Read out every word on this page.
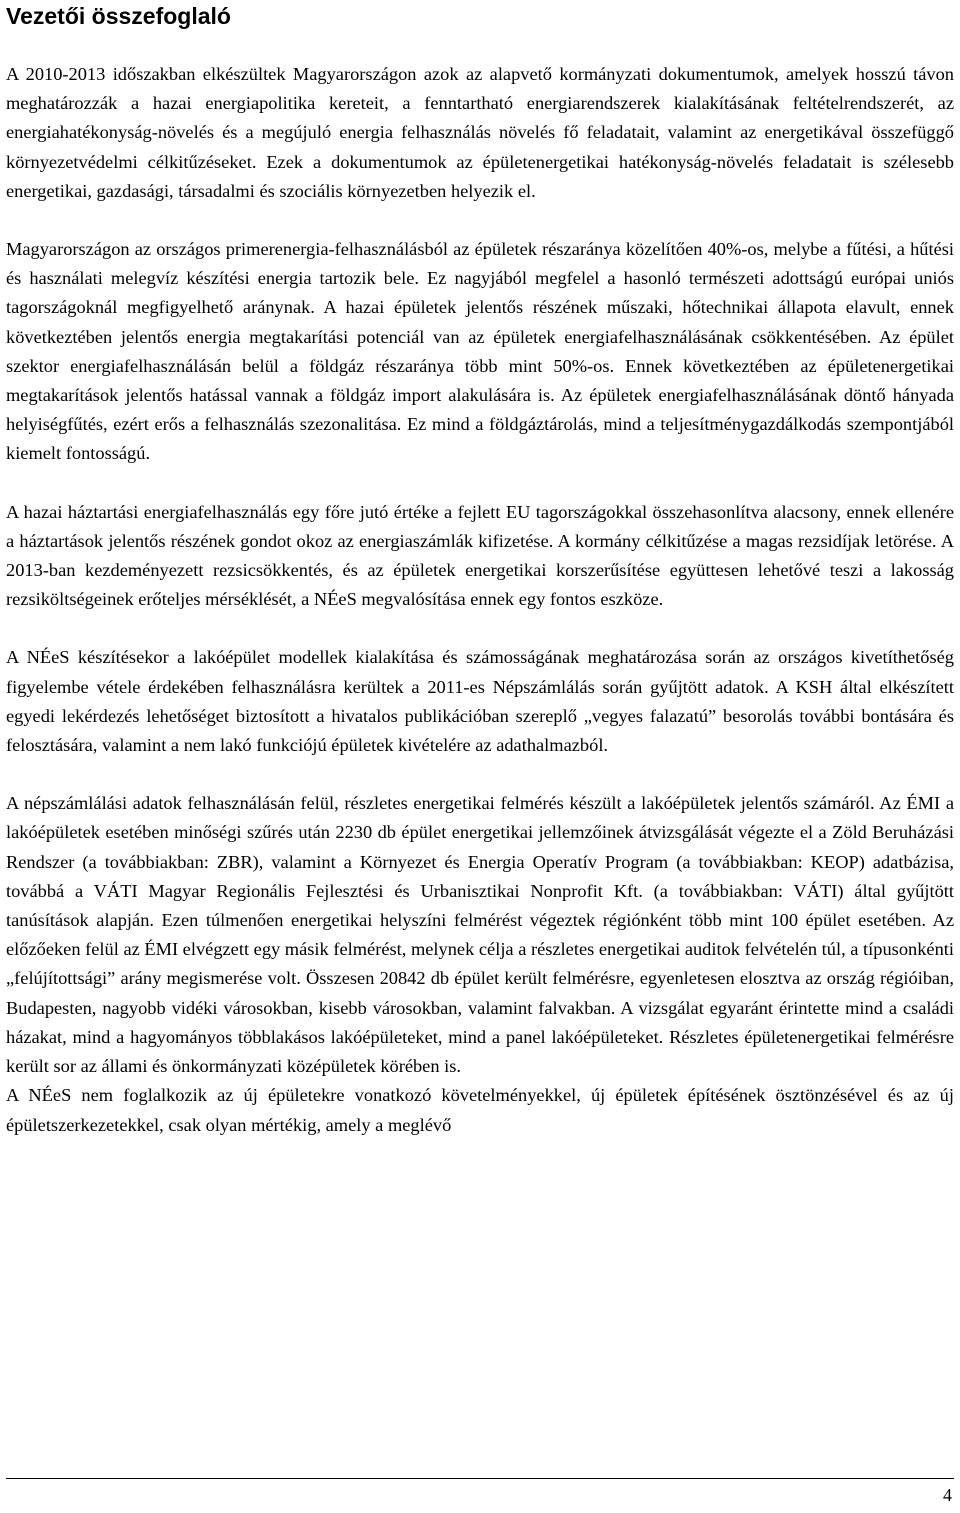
Vezetői összefoglaló

A 2010-2013 időszakban elkészültek Magyarországon azok az alapvető kormányzati dokumentumok, amelyek hosszú távon meghatározzák a hazai energiapolitika kereteit, a fenntartható energiarendszerek kialakításának feltételrendszerét, az energiahatékonyság-növelés és a megújuló energia felhasználás növelés fő feladatait, valamint az energetikával összefüggő környezetvédelmi célkitűzéseket. Ezek a dokumentumok az épületenergetikai hatékonyság-növelés feladatait is szélesebb energetikai, gazdasági, társadalmi és szociális környezetben helyezik el.

Magyarországon az országos primerenergia-felhasználásból az épületek részaránya közelítően 40%-os, melybe a fűtési, a hűtési és használati melegvíz készítési energia tartozik bele. Ez nagyjából megfelel a hasonló természeti adottságú európai uniós tagországoknál megfigyelhető aránynak. A hazai épületek jelentős részének műszaki, hőtechnikai állapota elavult, ennek következtében jelentős energia megtakarítási potenciál van az épületek energiafelhasználásának csökkentésében. Az épület szektor energiafelhasználásán belül a földgáz részaránya több mint 50%-os. Ennek következtében az épületenergetikai megtakarítások jelentős hatással vannak a földgáz import alakulására is. Az épületek energiafelhasználásának döntő hányada helyiségfűtés, ezért erős a felhasználás szezonalitása. Ez mind a földgáztárolás, mind a teljesítménygazdálkodás szempontjából kiemelt fontosságú.

A hazai háztartási energiafelhasználás egy főre jutó értéke a fejlett EU tagországokkal összehasonlítva alacsony, ennek ellenére a háztartások jelentős részének gondot okoz az energiaszámlák kifizetése. A kormány célkitűzése a magas rezsidíjak letörése. A 2013-ban kezdeményezett rezsicsökkentés, és az épületek energetikai korszerűsítése együttesen lehetővé teszi a lakosság rezsiköltségeinek erőteljes mérséklését, a NÉeS megvalósítása ennek egy fontos eszköze.

A NÉeS készítésekor a lakóépület modellek kialakítása és számosságának meghatározása során az országos kivetíthetőség figyelembe vétele érdekében felhasználásra kerültek a 2011-es Népszámlálás során gyűjtött adatok. A KSH által elkészített egyedi lekérdezés lehetőséget biztosított a hivatalos publikációban szereplő „vegyes falazatú” besorolás további bontására és felosztására, valamint a nem lakó funkciójú épületek kivételére az adathalmazból.

A népszámlálási adatok felhasználásán felül, részletes energetikai felmérés készült a lakóépületek jelentős számáról. Az ÉMI a lakóépületek esetében minőségi szűrés után 2230 db épület energetikai jellemzőinek átvizsgálását végezte el a Zöld Beruházási Rendszer (a továbbiakban: ZBR), valamint a Környezet és Energia Operatív Program (a továbbiakban: KEOP) adatbázisa, továbbá a VÁTI Magyar Regionális Fejlesztési és Urbanisztikai Nonprofit Kft. (a továbbiakban: VÁTI) által gyűjtött tanúsítások alapján. Ezen túlmenően energetikai helyszíni felmérést végeztek régiónként több mint 100 épület esetében. Az előzőeken felül az ÉMI elvégzett egy másik felmérést, melynek célja a részletes energetikai auditok felvételén túl, a típusonkénti „felújítottsági” arány megismerése volt. Összesen 20842 db épület került felmérésre, egyenletesen elosztva az ország régióiban, Budapesten, nagyobb vidéki városokban, kisebb városokban, valamint falvakban. A vizsgálat egyaránt érintette mind a családi házakat, mind a hagyományos többlakásos lakóépületeket, mind a panel lakóépületeket. Részletes épületenergetikai felmérésre került sor az állami és önkormányzati középületek körében is.

A NÉeS nem foglalkozik az új épületekre vonatkozó követelményekkel, új épületek építésének ösztönzésével és az új épületszerkezetekkel, csak olyan mértékig, amely a meglévő

4
